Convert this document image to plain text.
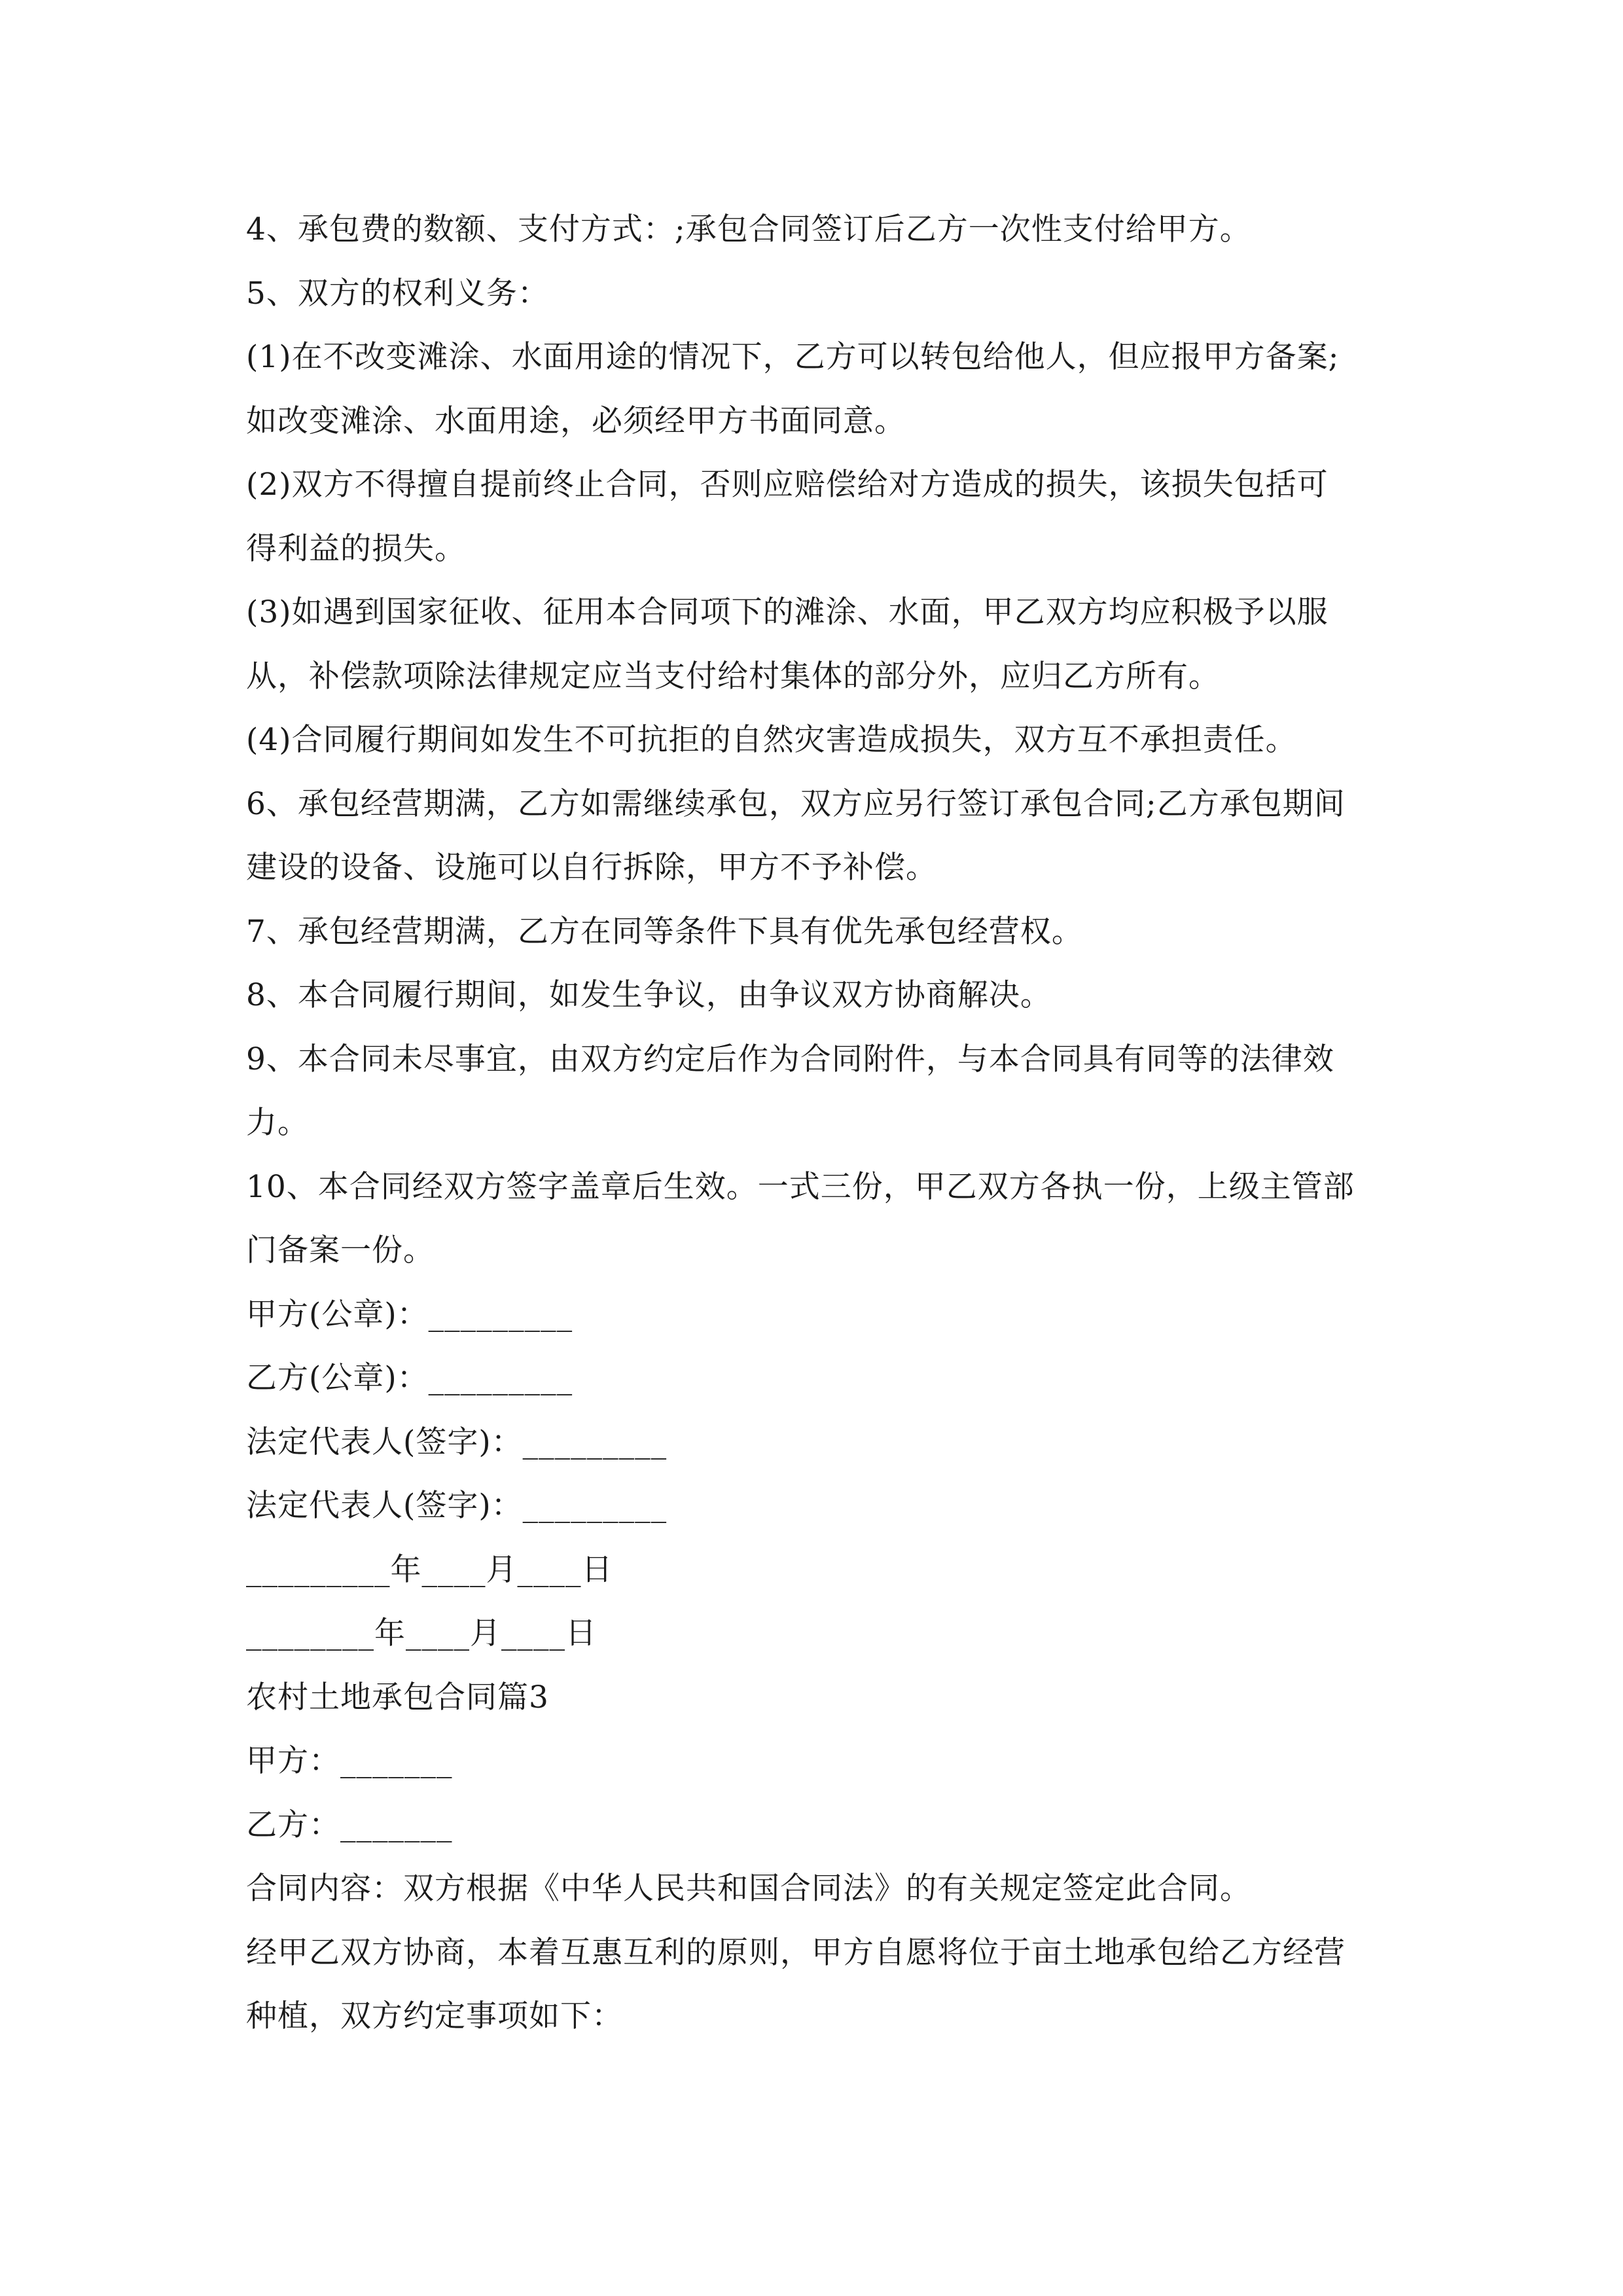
4、承包费的数额、支付方式：;承包合同签订后乙方一次性支付给甲方。

5、双方的权利义务：

(1)在不改变滩涂、水面用途的情况下，乙方可以转包给他人，但应报甲方备案;

如改变滩涂、水面用途，必须经甲方书面同意。

(2)双方不得擅自提前终止合同，否则应赔偿给对方造成的损失，该损失包括可

得利益的损失。

(3)如遇到国家征收、征用本合同项下的滩涂、水面，甲乙双方均应积极予以服

从，补偿款项除法律规定应当支付给村集体的部分外，应归乙方所有。

(4)合同履行期间如发生不可抗拒的自然灾害造成损失，双方互不承担责任。

6、承包经营期满，乙方如需继续承包，双方应另行签订承包合同;乙方承包期间

建设的设备、设施可以自行拆除，甲方不予补偿。

7、承包经营期满，乙方在同等条件下具有优先承包经营权。

8、本合同履行期间，如发生争议，由争议双方协商解决。

9、本合同未尽事宜，由双方约定后作为合同附件，与本合同具有同等的法律效

力。

10、本合同经双方签字盖章后生效。一式三份，甲乙双方各执一份，上级主管部

门备案一份。

甲方(公章)：_________

乙方(公章)：_________

法定代表人(签字)：_________

法定代表人(签字)：_________

_________年____月____日

________年____月____日

农村土地承包合同篇3

甲方：_______

乙方：_______

合同内容：双方根据《中华人民共和国合同法》的有关规定签定此合同。

经甲乙双方协商，本着互惠互利的原则，甲方自愿将位于亩土地承包给乙方经营

种植，双方约定事项如下：
